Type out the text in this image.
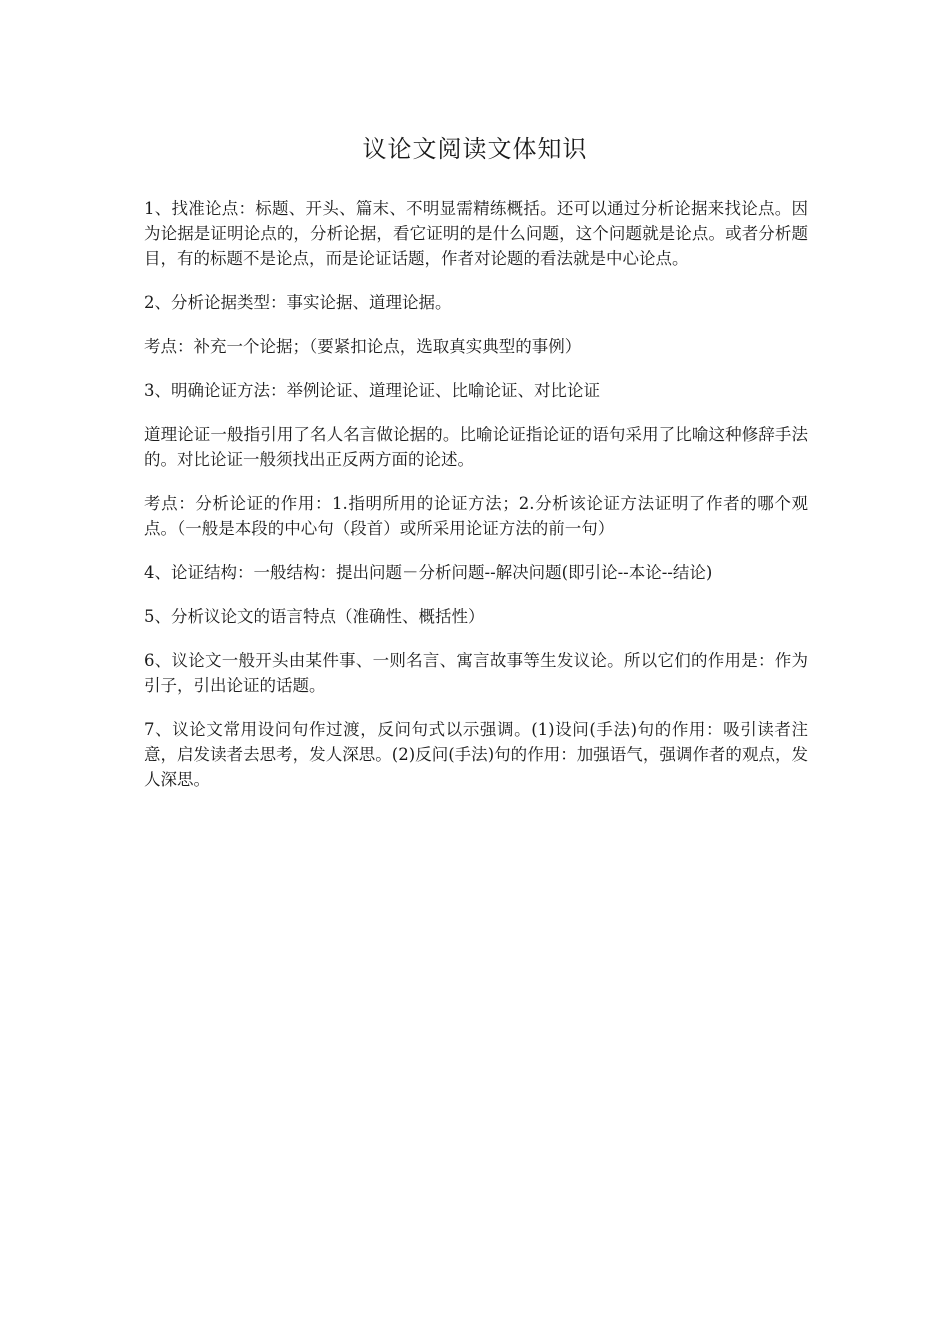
议论文阅读文体知识

1、找准论点：标题、开头、篇末、不明显需精练概括。还可以通过分析论据来找论点。因为论据是证明论点的，分析论据，看它证明的是什么问题，这个问题就是论点。或者分析题目，有的标题不是论点，而是论证话题，作者对论题的看法就是中心论点。

2、分析论据类型：事实论据、道理论据。

考点：补充一个论据；（要紧扣论点，选取真实典型的事例）

3、明确论证方法：举例论证、道理论证、比喻论证、对比论证

道理论证一般指引用了名人名言做论据的。比喻论证指论证的语句采用了比喻这种修辞手法的。对比论证一般须找出正反两方面的论述。

考点：分析论证的作用：1.指明所用的论证方法；2.分析该论证方法证明了作者的哪个观点。（一般是本段的中心句（段首）或所采用论证方法的前一句）

4、论证结构：一般结构：提出问题－分析问题--解决问题(即引论--本论--结论)

5、分析议论文的语言特点（准确性、概括性）

6、议论文一般开头由某件事、一则名言、寓言故事等生发议论。所以它们的作用是：作为引子，引出论证的话题。

7、议论文常用设问句作过渡，反问句式以示强调。(1)设问(手法)句的作用：吸引读者注意，启发读者去思考，发人深思。(2)反问(手法)句的作用：加强语气，强调作者的观点，发人深思。
